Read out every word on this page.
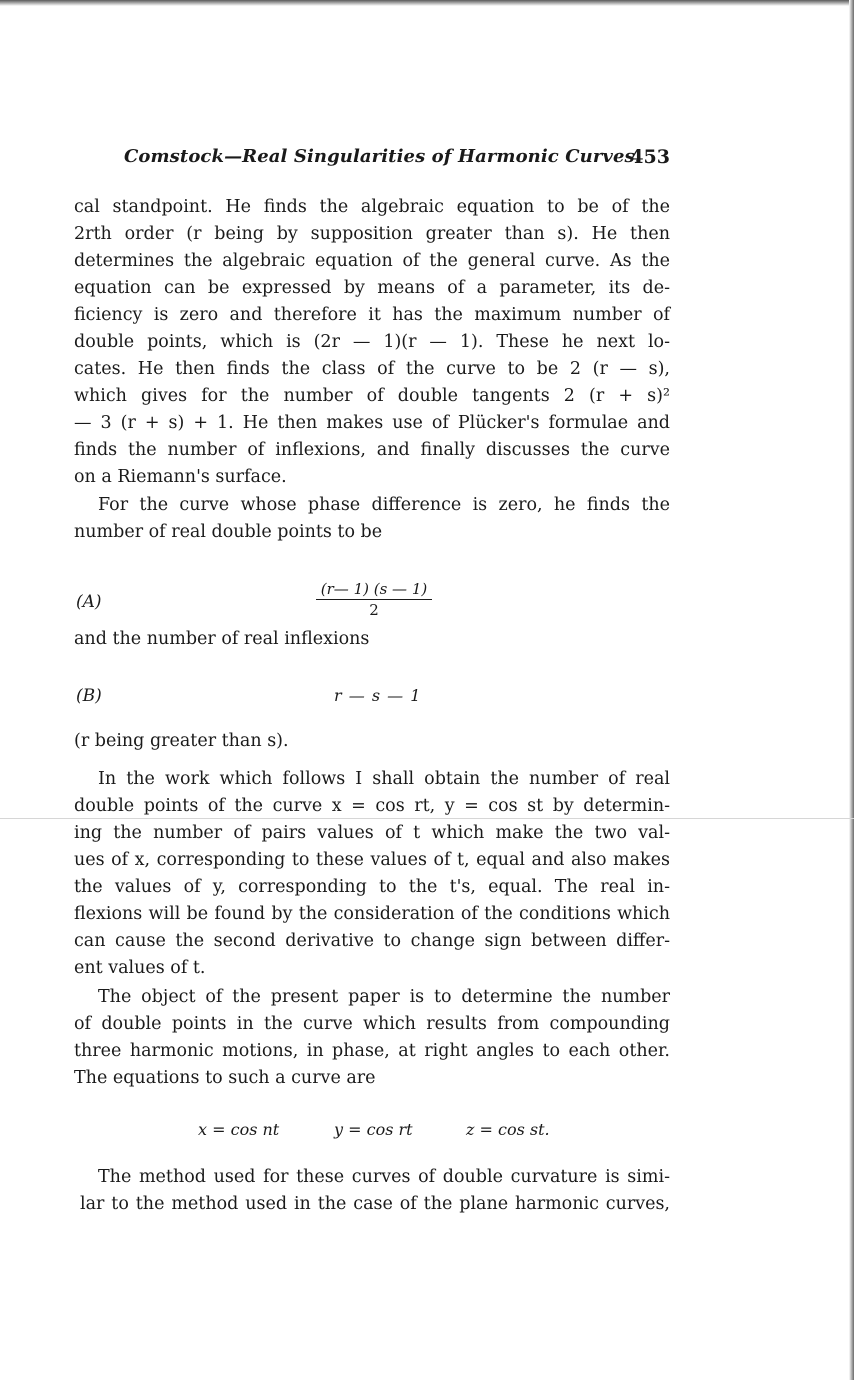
Comstock—Real Singularities of Harmonic Curves.
453
cal standpoint. He finds the algebraic equation to be of the
2rth order (r being by supposition greater than s). He then
determines the algebraic equation of the general curve. As the
equation can be expressed by means of a parameter, its de-
ficiency is zero and therefore it has the maximum number of
double points, which is (2r — 1)(r — 1). These he next lo-
cates. He then finds the class of the curve to be 2 (r — s),
which gives for the number of double tangents 2 (r + s)²
— 3 (r + s) + 1. He then makes use of Plücker's formulae and
finds the number of inflexions, and finally discusses the curve
on a Riemann's surface.
For the curve whose phase difference is zero, he finds the
number of real double points to be
(A)	$\frac{(r— 1) (s — 1)}{2}$
and the number of real inflexions
(B)	r — s — 1
(r being greater than s).
In the work which follows I shall obtain the number of real
double points of the curve x = cos rt, y = cos st by determin-
ing the number of pairs values of t which make the two val-
ues of x, corresponding to these values of t, equal and also makes
the values of y, corresponding to the t's, equal. The real in-
flexions will be found by the consideration of the conditions which
can cause the second derivative to change sign between differ-
ent values of t.
The object of the present paper is to determine the number
of double points in the curve which results from compounding
three harmonic motions, in phase, at right angles to each other.
The equations to such a curve are
x = cos nt	y = cos rt	z = cos st.
The method used for these curves of double curvature is simi-
lar to the method used in the case of the plane harmonic curves,
